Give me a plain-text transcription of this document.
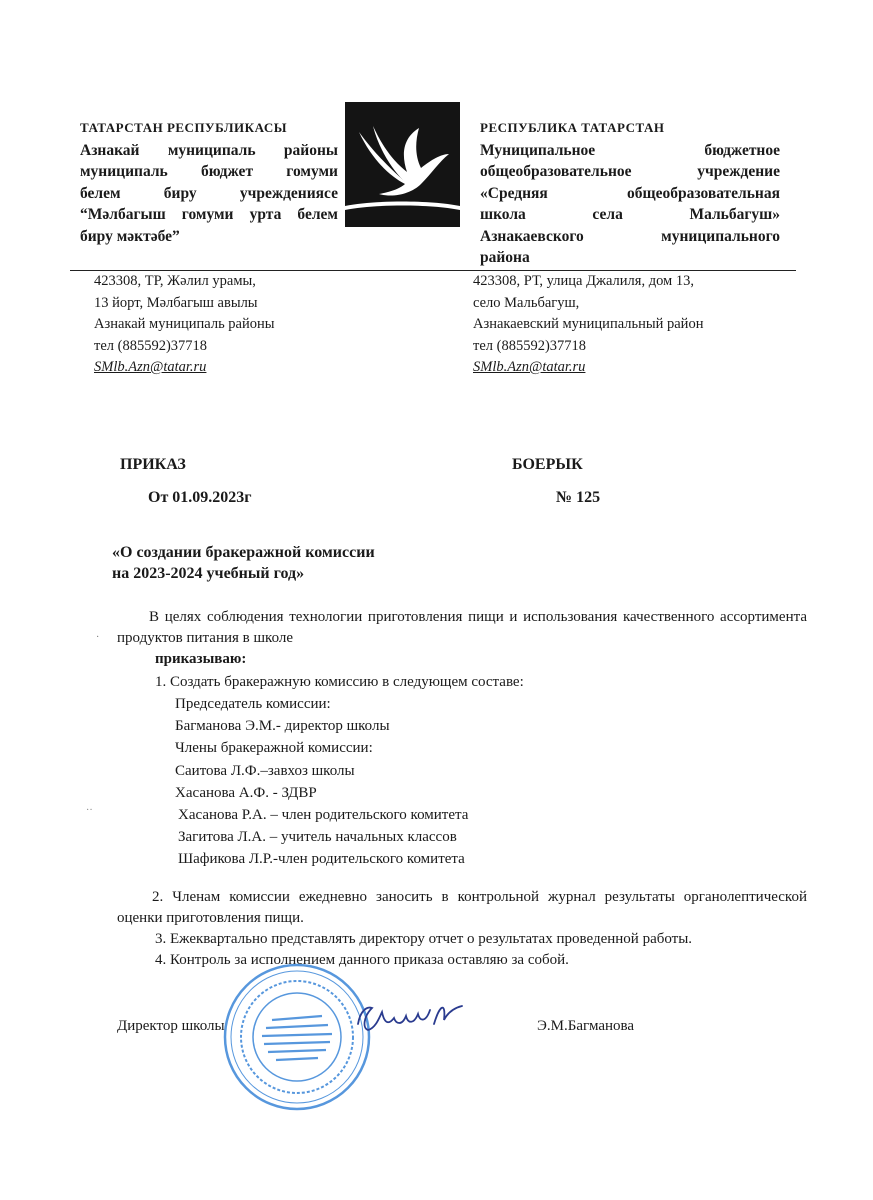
ТАТАРСТАН РЕСПУБЛИКАСЫ
Азнакай муниципаль районы
муниципаль бюджет гомуми
белем биру учреждениясе
“Мəлбагыш гомуми урта белем
биру мəктəбе”
РЕСПУБЛИКА ТАТАРСТАН
Муниципальное бюджетное
общеобразовательное учреждение
«Средняя общеобразовательная
школа села Мальбагуш»
Азнакаевского муниципального
района
423308, ТР, Жəлил урамы,
13 йорт, Мəлбагыш авылы
Азнакай муниципаль районы
тел (885592)37718
SMlb.Azn@tatar.ru
423308, РТ, улица Джалиля, дом 13,
село Мальбагуш,
Азнакаевский муниципальный район
тел (885592)37718
SMlb.Azn@tatar.ru
ПРИКАЗ	БОЕРЫК
От 01.09.2023г	№ 125
«О создании бракеражной комиссии
на 2023-2024 учебный год»
В целях соблюдения технологии приготовления пищи и использования качественного ассортимента продуктов питания в школе
·
приказываю:
1. Создать бракеражную комиссию в следующем составе:
Председатель комиссии:
Багманова Э.М.- директор школы
Члены бракеражной комиссии:
Саитова Л.Ф.–завхоз школы
Хасанова А.Ф. - ЗДВР
Хасанова Р.А. – член родительского комитета
Загитова Л.А. – учитель начальных классов
Шафикова Л.Р.-член родительского комитета
··
2. Членам комиссии ежедневно заносить в контрольной журнал результаты органолептической оценки приготовления пищи.
3. Ежеквартально представлять директору отчет о результатах проведенной работы.
4. Контроль за исполнением данного приказа оставляю за собой.
Директор школы	Э.М.Багманова
